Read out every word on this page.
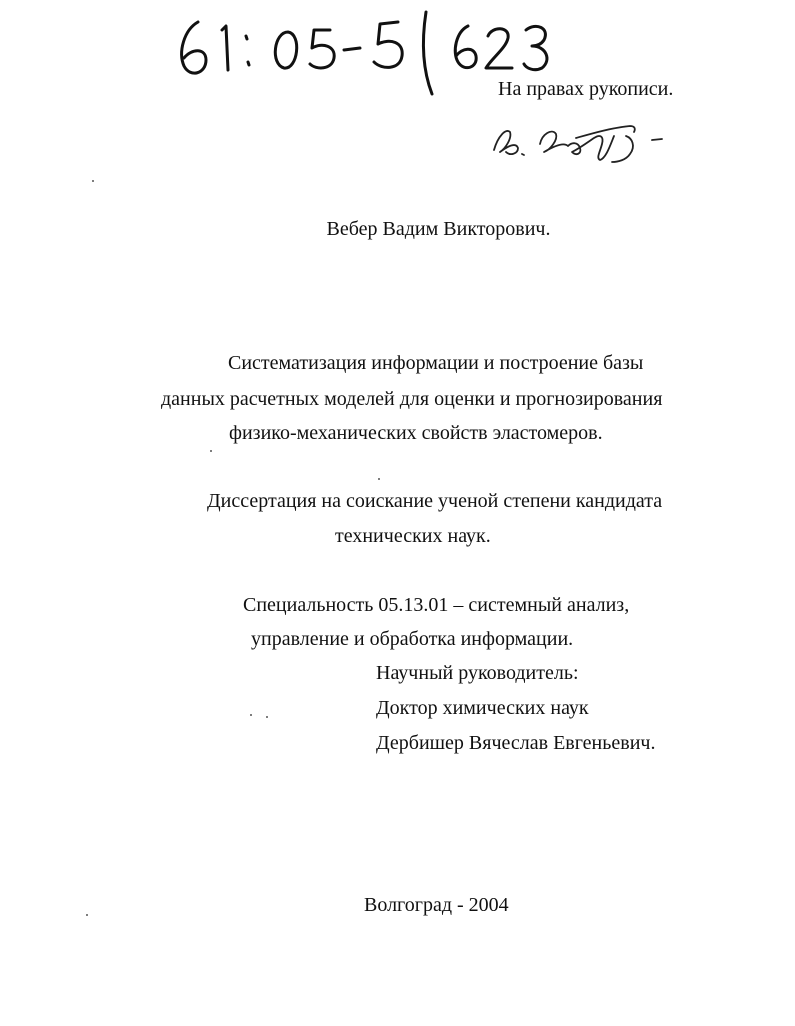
На правах рукописи.
Вебер Вадим Викторович.
Систематизация информации и построение базы
данных расчетных моделей для оценки и прогнозирования
физико-механических свойств эластомеров.
Диссертация на соискание ученой степени кандидата
технических наук.
Специальность 05.13.01 – системный анализ,
управление и обработка информации.
Научный руководитель:
Доктор химических наук
Дербишер Вячеслав Евгеньевич.
Волгоград - 2004
